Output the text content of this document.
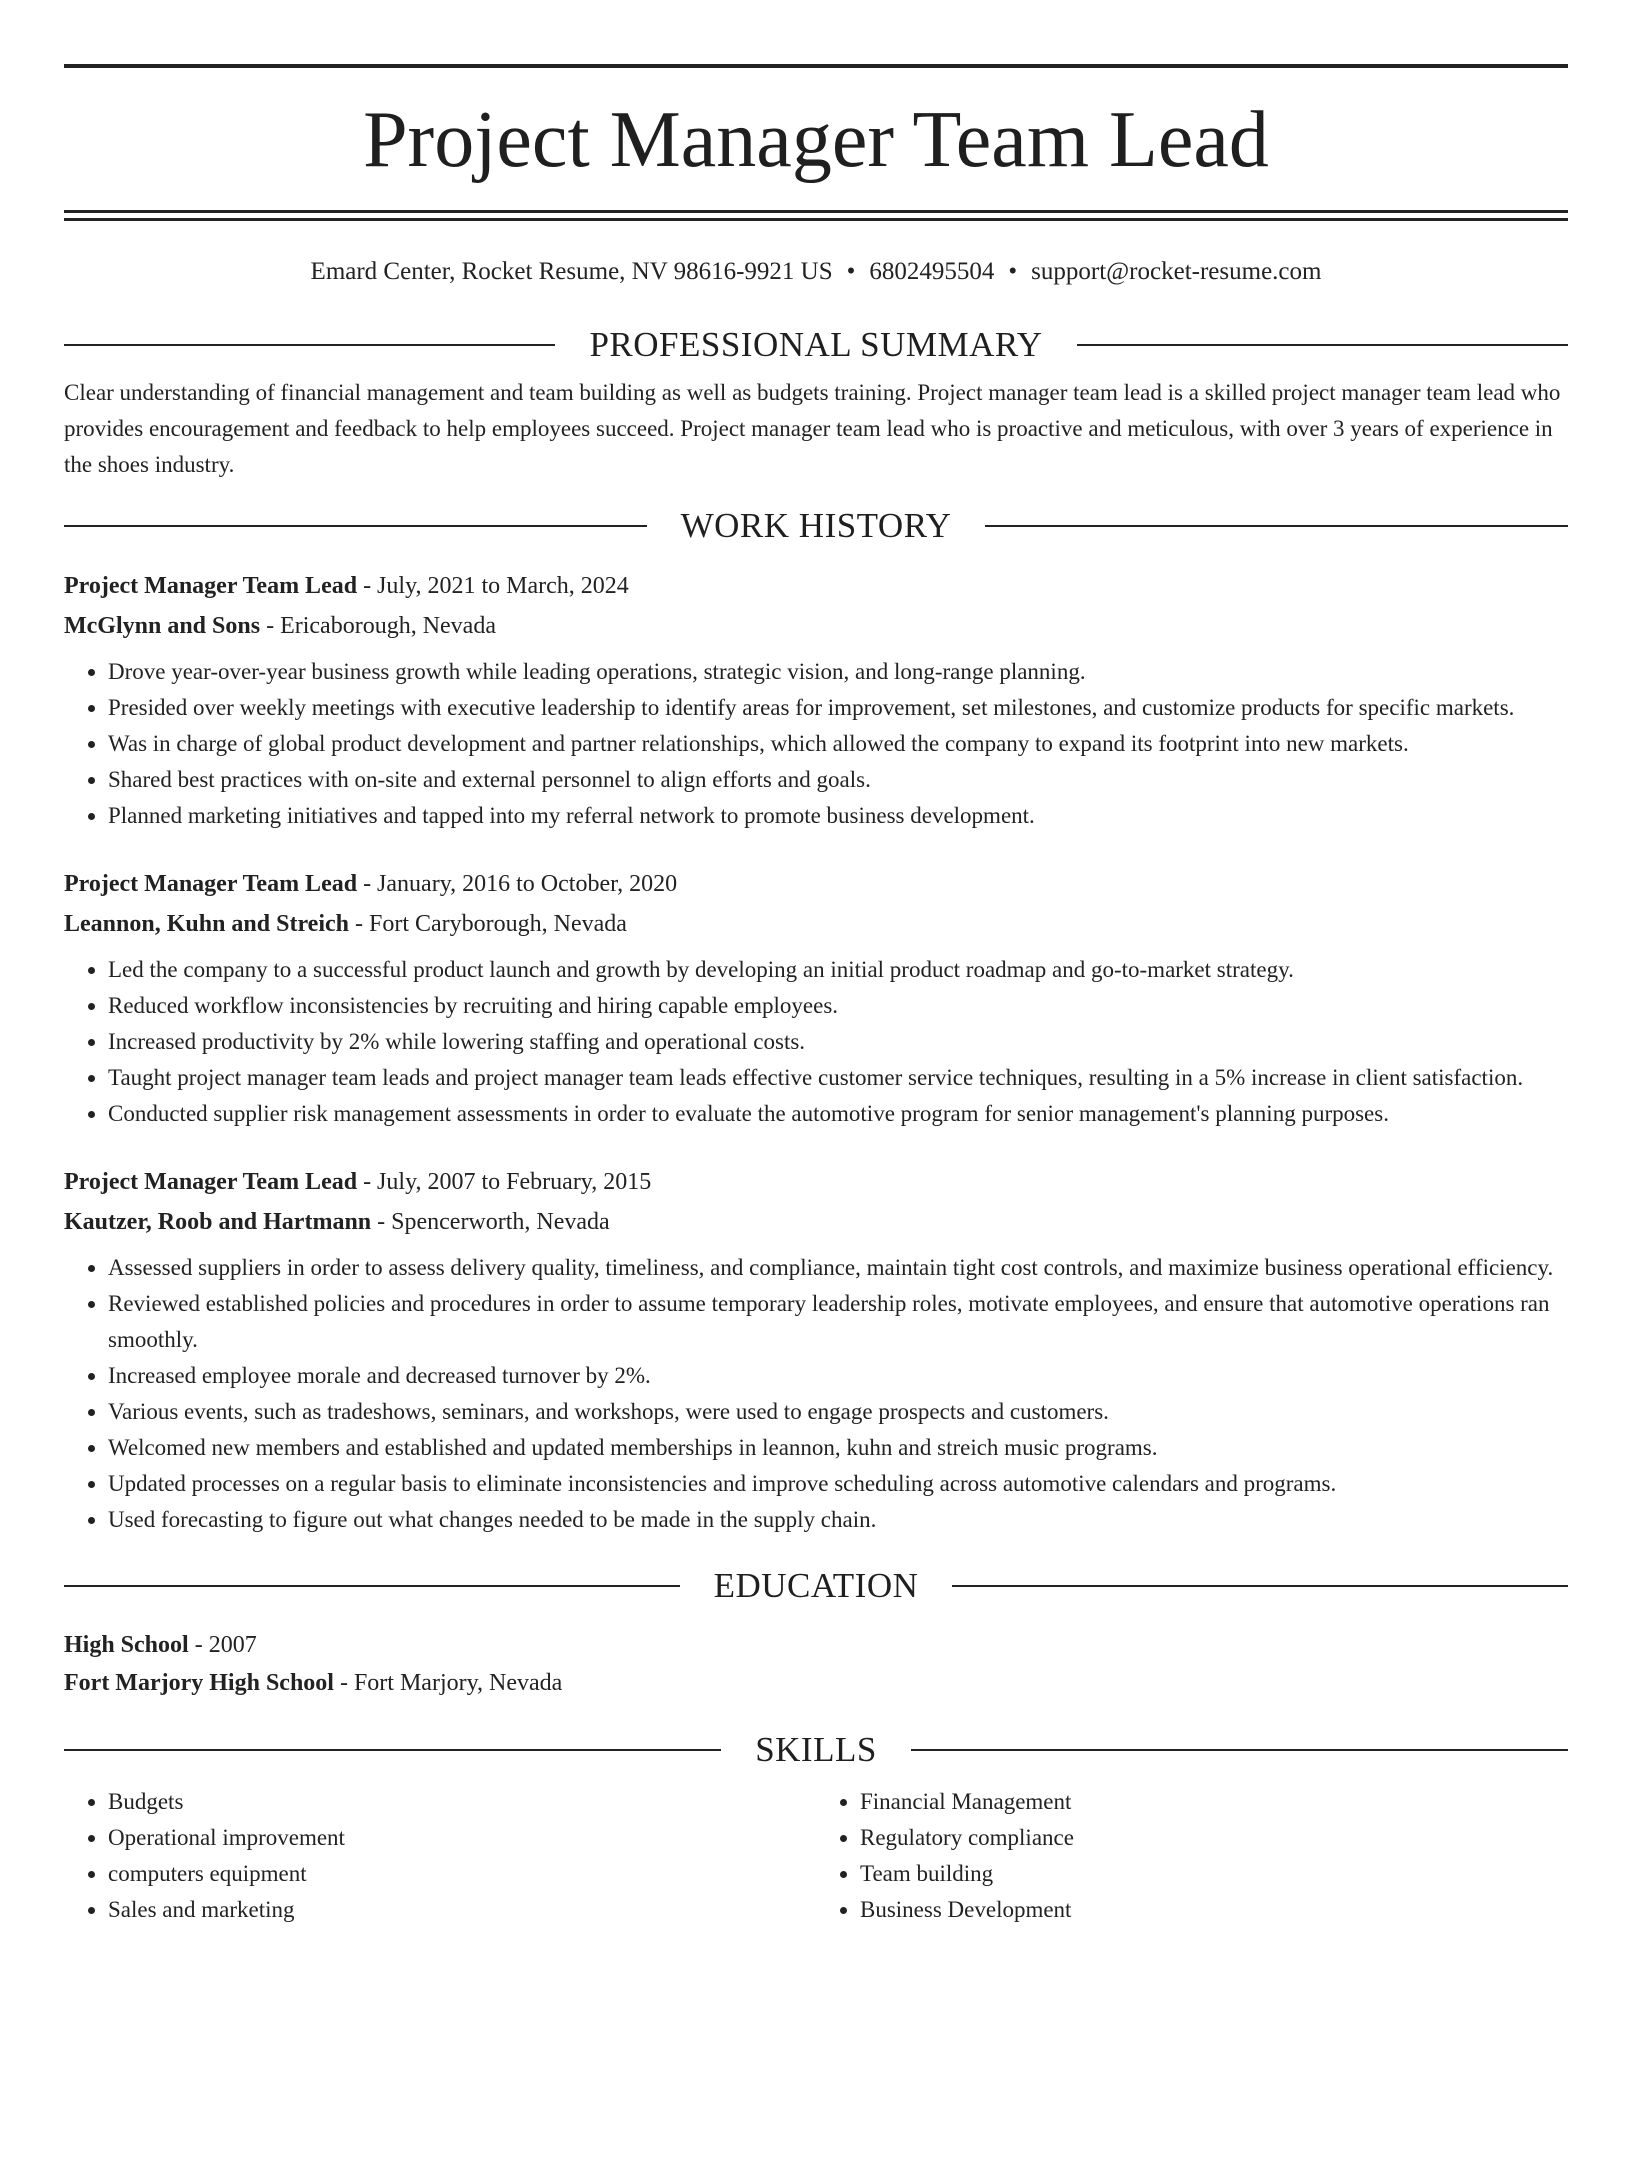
Project Manager Team Lead
Emard Center, Rocket Resume, NV 98616-9921 US • 6802495504 • support@rocket-resume.com
PROFESSIONAL SUMMARY

Clear understanding of financial management and team building as well as budgets training. Project manager team lead is a skilled project manager team lead who provides encouragement and feedback to help employees succeed. Project manager team lead who is proactive and meticulous, with over 3 years of experience in the shoes industry.

WORK HISTORY
Project Manager Team Lead - July, 2021 to March, 2024
McGlynn and Sons - Ericaborough, Nevada
• Drove year-over-year business growth while leading operations, strategic vision, and long-range planning.
• Presided over weekly meetings with executive leadership to identify areas for improvement, set milestones, and customize products for specific markets.
• Was in charge of global product development and partner relationships, which allowed the company to expand its footprint into new markets.
• Shared best practices with on-site and external personnel to align efforts and goals.
• Planned marketing initiatives and tapped into my referral network to promote business development.
Project Manager Team Lead - January, 2016 to October, 2020
Leannon, Kuhn and Streich - Fort Caryborough, Nevada
• Led the company to a successful product launch and growth by developing an initial product roadmap and go-to-market strategy.
• Reduced workflow inconsistencies by recruiting and hiring capable employees.
• Increased productivity by 2% while lowering staffing and operational costs.
• Taught project manager team leads and project manager team leads effective customer service techniques, resulting in a 5% increase in client satisfaction.
• Conducted supplier risk management assessments in order to evaluate the automotive program for senior management's planning purposes.
Project Manager Team Lead - July, 2007 to February, 2015
Kautzer, Roob and Hartmann - Spencerworth, Nevada
• Assessed suppliers in order to assess delivery quality, timeliness, and compliance, maintain tight cost controls, and maximize business operational efficiency.
• Reviewed established policies and procedures in order to assume temporary leadership roles, motivate employees, and ensure that automotive operations ran smoothly.
• Increased employee morale and decreased turnover by 2%.
• Various events, such as tradeshows, seminars, and workshops, were used to engage prospects and customers.
• Welcomed new members and established and updated memberships in leannon, kuhn and streich music programs.
• Updated processes on a regular basis to eliminate inconsistencies and improve scheduling across automotive calendars and programs.
• Used forecasting to figure out what changes needed to be made in the supply chain.
EDUCATION
High School - 2007
Fort Marjory High School - Fort Marjory, Nevada
SKILLS
• Budgets
• Operational improvement
• computers equipment
• Sales and marketing
• Financial Management
• Regulatory compliance
• Team building
• Business Development
